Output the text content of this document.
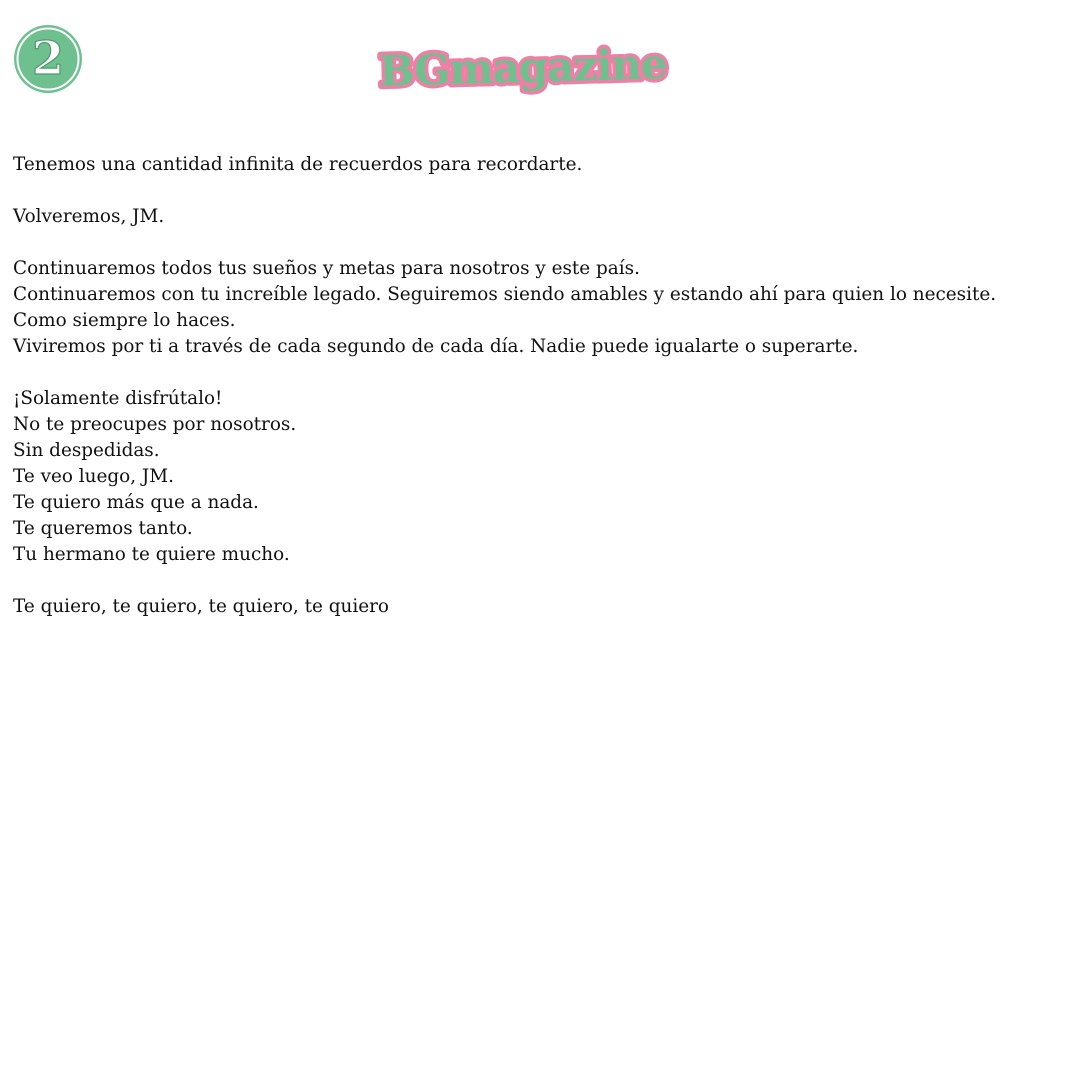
2	BGmagazine
Tenemos una cantidad infinita de recuerdos para recordarte.
Volveremos, JM.
Continuaremos todos tus sueños y metas para nosotros y este país.
Continuaremos con tu increíble legado. Seguiremos siendo amables y estando ahí para quien lo necesite.
Como siempre lo haces.
Viviremos por ti a través de cada segundo de cada día. Nadie puede igualarte o superarte.
¡Solamente disfrútalo!
No te preocupes por nosotros.
Sin despedidas.
Te veo luego, JM.
Te quiero más que a nada.
Te queremos tanto.
Tu hermano te quiere mucho.
Te quiero, te quiero, te quiero, te quiero
